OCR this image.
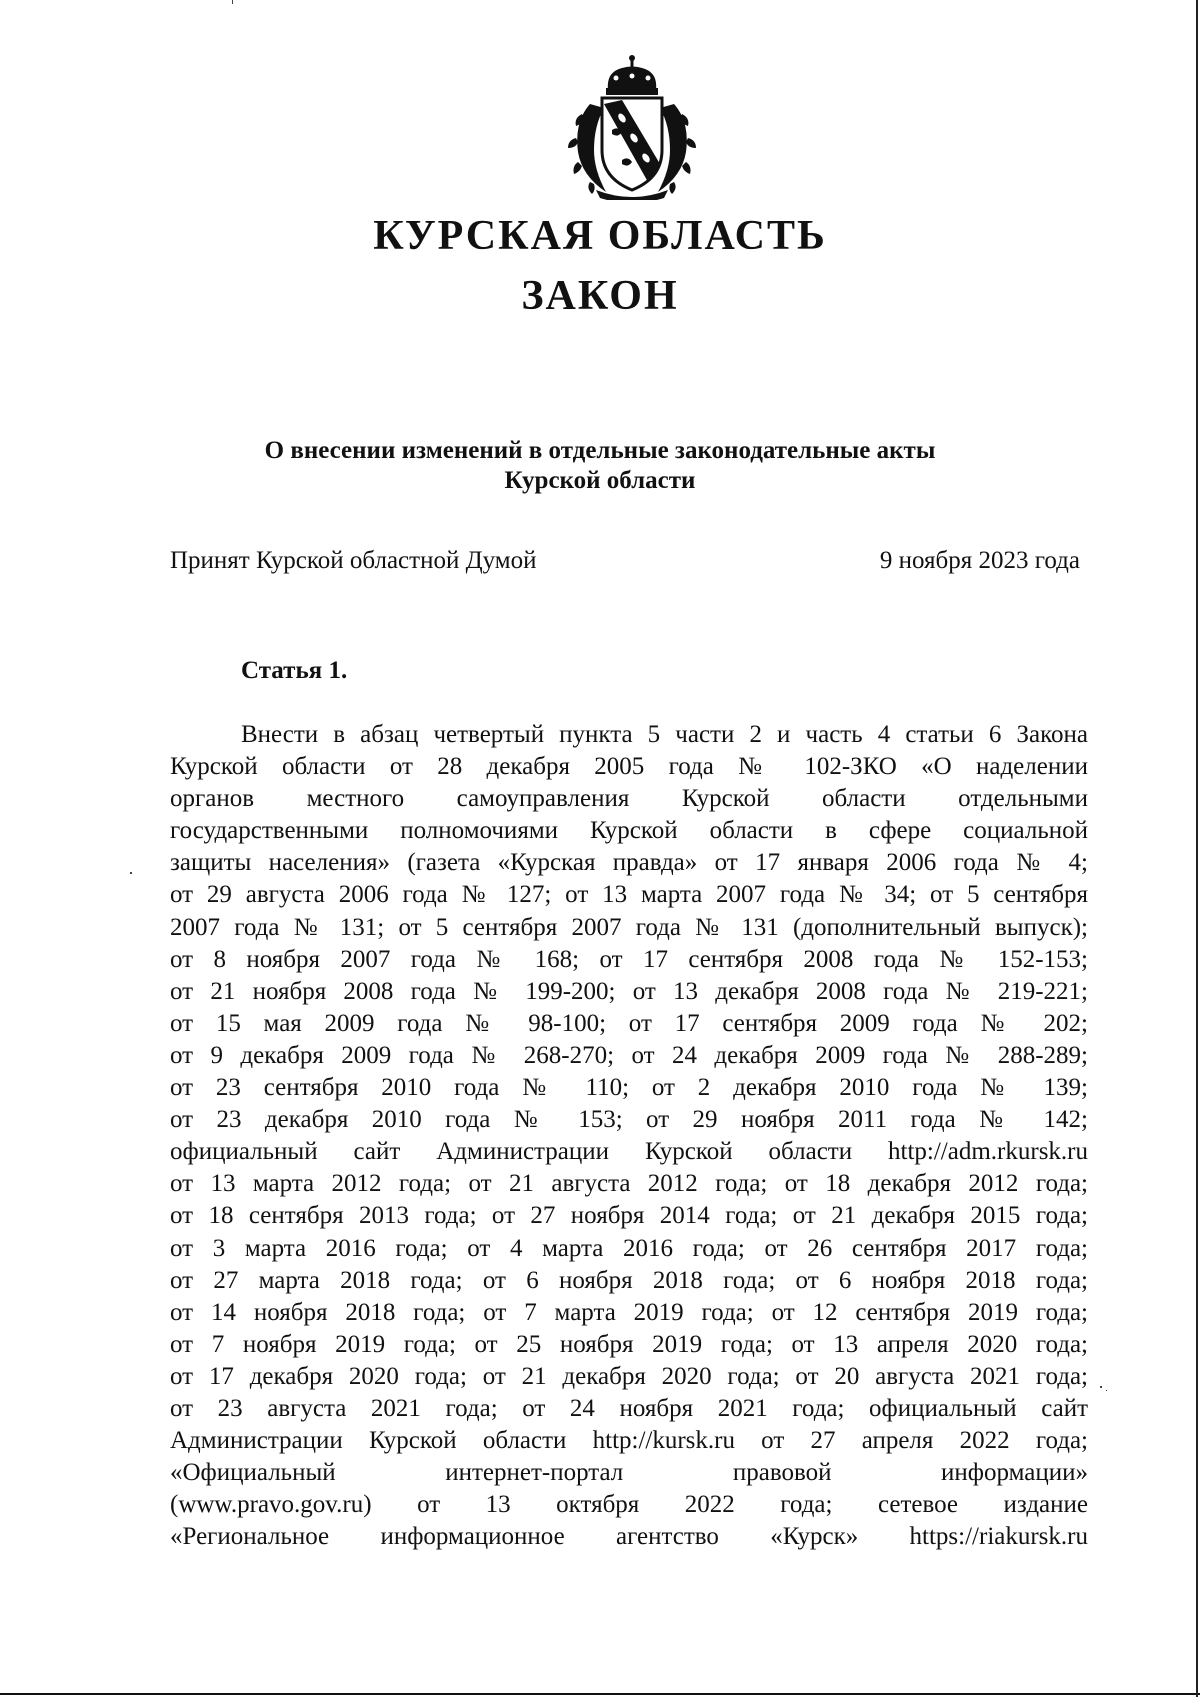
КУРСКАЯ ОБЛАСТЬ
ЗАКОН
О внесении изменений в отдельные законодательные акты
Курской области
Принят Курской областной Думой	9 ноября 2023 года
Статья 1.
Внести в абзац четвертый пункта 5 части 2 и часть 4 статьи 6 Закона
Курской области от 28 декабря 2005 года № 102-ЗКО «О наделении
органов местного самоуправления Курской области отдельными
государственными полномочиями Курской области в сфере социальной
защиты населения» (газета «Курская правда» от 17 января 2006 года № 4;
от 29 августа 2006 года № 127; от 13 марта 2007 года № 34; от 5 сентября
2007 года № 131; от 5 сентября 2007 года № 131 (дополнительный выпуск);
от 8 ноября 2007 года № 168; от 17 сентября 2008 года № 152-153;
от 21 ноября 2008 года № 199-200; от 13 декабря 2008 года № 219-221;
от 15 мая 2009 года № 98-100; от 17 сентября 2009 года № 202;
от 9 декабря 2009 года № 268-270; от 24 декабря 2009 года № 288-289;
от 23 сентября 2010 года № 110; от 2 декабря 2010 года № 139;
от 23 декабря 2010 года № 153; от 29 ноября 2011 года № 142;
официальный сайт Администрации Курской области http://adm.rkursk.ru
от 13 марта 2012 года; от 21 августа 2012 года; от 18 декабря 2012 года;
от 18 сентября 2013 года; от 27 ноября 2014 года; от 21 декабря 2015 года;
от 3 марта 2016 года; от 4 марта 2016 года; от 26 сентября 2017 года;
от 27 марта 2018 года; от 6 ноября 2018 года; от 6 ноября 2018 года;
от 14 ноября 2018 года; от 7 марта 2019 года; от 12 сентября 2019 года;
от 7 ноября 2019 года; от 25 ноября 2019 года; от 13 апреля 2020 года;
от 17 декабря 2020 года; от 21 декабря 2020 года; от 20 августа 2021 года;
от 23 августа 2021 года; от 24 ноября 2021 года; официальный сайт
Администрации Курской области http://kursk.ru от 27 апреля 2022 года;
«Официальный интернет-портал правовой информации»
(www.pravo.gov.ru) от 13 октября 2022 года; сетевое издание
«Региональное информационное агентство «Курск» https://riakursk.ru
